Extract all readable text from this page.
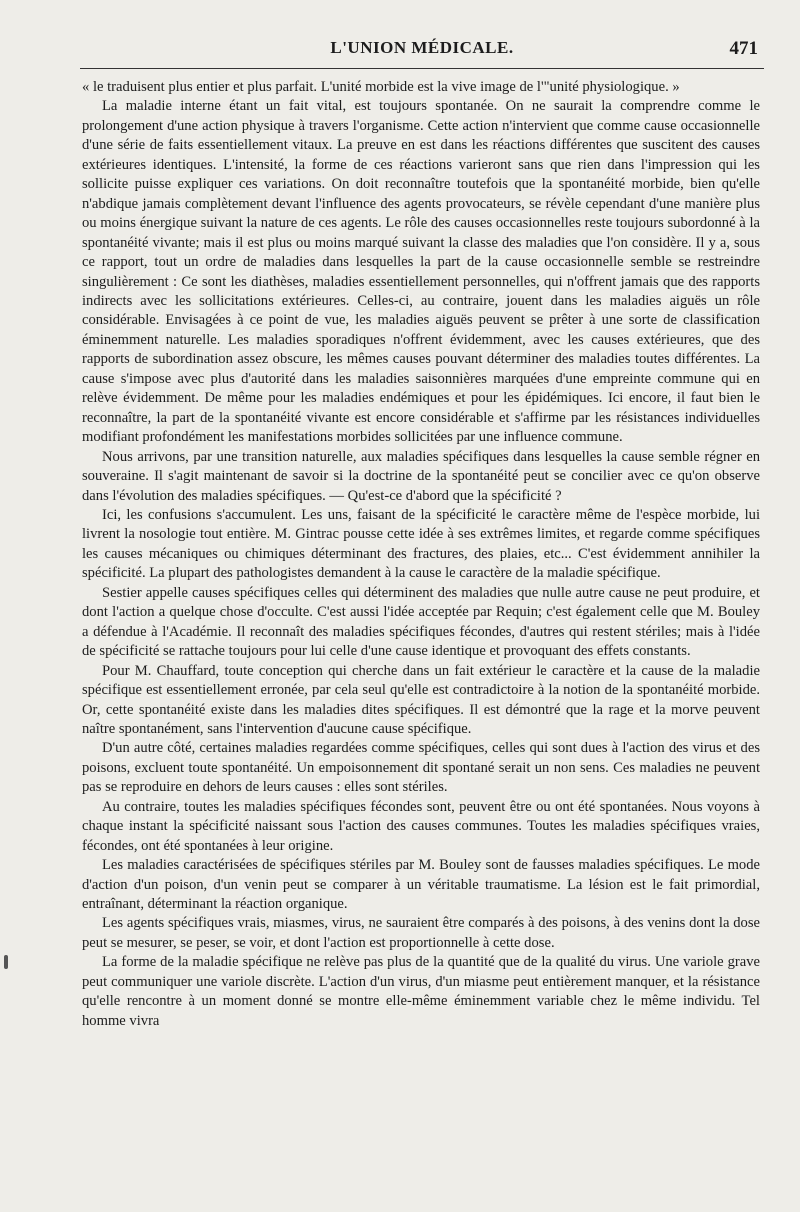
L'UNION MÉDICALE.	471

« le traduisent plus entier et plus parfait. L'unité morbide est la vive image de l'"unité physiologique. »

La maladie interne étant un fait vital, est toujours spontanée. On ne saurait la comprendre comme le prolongement d'une action physique à travers l'organisme. Cette action n'intervient que comme cause occasionnelle d'une série de faits essentiellement vitaux. La preuve en est dans les réactions différentes que suscitent des causes extérieures identiques. L'intensité, la forme de ces réactions varieront sans que rien dans l'impression qui les sollicite puisse expliquer ces variations. On doit reconnaître toutefois que la spontanéité morbide, bien qu'elle n'abdique jamais complètement devant l'influence des agents provocateurs, se révèle cependant d'une manière plus ou moins énergique suivant la nature de ces agents. Le rôle des causes occasionnelles reste toujours subordonné à la spontanéité vivante; mais il est plus ou moins marqué suivant la classe des maladies que l'on considère. Il y a, sous ce rapport, tout un ordre de maladies dans lesquelles la part de la cause occasionnelle semble se restreindre singulièrement : Ce sont les diathèses, maladies essentiellement personnelles, qui n'offrent jamais que des rapports indirects avec les sollicitations extérieures. Celles-ci, au contraire, jouent dans les maladies aiguës un rôle considérable. Envisagées à ce point de vue, les maladies aiguës peuvent se prêter à une sorte de classification éminemment naturelle. Les maladies sporadiques n'offrent évidemment, avec les causes extérieures, que des rapports de subordination assez obscure, les mêmes causes pouvant déterminer des maladies toutes différentes. La cause s'impose avec plus d'autorité dans les maladies saisonnières marquées d'une empreinte commune qui en relève évidemment. De même pour les maladies endémiques et pour les épidémiques. Ici encore, il faut bien le reconnaître, la part de la spontanéité vivante est encore considérable et s'affirme par les résistances individuelles modifiant profondément les manifestations morbides sollicitées par une influence commune.

Nous arrivons, par une transition naturelle, aux maladies spécifiques dans lesquelles la cause semble régner en souveraine. Il s'agit maintenant de savoir si la doctrine de la spontanéité peut se concilier avec ce qu'on observe dans l'évolution des maladies spécifiques. — Qu'est-ce d'abord que la spécificité ?

Ici, les confusions s'accumulent. Les uns, faisant de la spécificité le caractère même de l'espèce morbide, lui livrent la nosologie tout entière. M. Gintrac pousse cette idée à ses extrêmes limites, et regarde comme spécifiques les causes mécaniques ou chimiques déterminant des fractures, des plaies, etc... C'est évidemment annihiler la spécificité. La plupart des pathologistes demandent à la cause le caractère de la maladie spécifique.

Sestier appelle causes spécifiques celles qui déterminent des maladies que nulle autre cause ne peut produire, et dont l'action a quelque chose d'occulte. C'est aussi l'idée acceptée par Requin; c'est également celle que M. Bouley a défendue à l'Académie. Il reconnaît des maladies spécifiques fécondes, d'autres qui restent stériles; mais à l'idée de spécificité se rattache toujours pour lui celle d'une cause identique et provoquant des effets constants.

Pour M. Chauffard, toute conception qui cherche dans un fait extérieur le caractère et la cause de la maladie spécifique est essentiellement erronée, par cela seul qu'elle est contradictoire à la notion de la spontanéité morbide. Or, cette spontanéité existe dans les maladies dites spécifiques. Il est démontré que la rage et la morve peuvent naître spontanément, sans l'intervention d'aucune cause spécifique.

D'un autre côté, certaines maladies regardées comme spécifiques, celles qui sont dues à l'action des virus et des poisons, excluent toute spontanéité. Un empoisonnement dit spontané serait un non sens. Ces maladies ne peuvent pas se reproduire en dehors de leurs causes : elles sont stériles.

Au contraire, toutes les maladies spécifiques fécondes sont, peuvent être ou ont été spontanées. Nous voyons à chaque instant la spécificité naissant sous l'action des causes communes. Toutes les maladies spécifiques vraies, fécondes, ont été spontanées à leur origine.

Les maladies caractérisées de spécifiques stériles par M. Bouley sont de fausses maladies spécifiques. Le mode d'action d'un poison, d'un venin peut se comparer à un véritable traumatisme. La lésion est le fait primordial, entraînant, déterminant la réaction organique.

Les agents spécifiques vrais, miasmes, virus, ne sauraient être comparés à des poisons, à des venins dont la dose peut se mesurer, se peser, se voir, et dont l'action est proportionnelle à cette dose.

La forme de la maladie spécifique ne relève pas plus de la quantité que de la qualité du virus. Une variole grave peut communiquer une variole discrète. L'action d'un virus, d'un miasme peut entièrement manquer, et la résistance qu'elle rencontre à un moment donné se montre elle-même éminemment variable chez le même individu. Tel homme vivra
